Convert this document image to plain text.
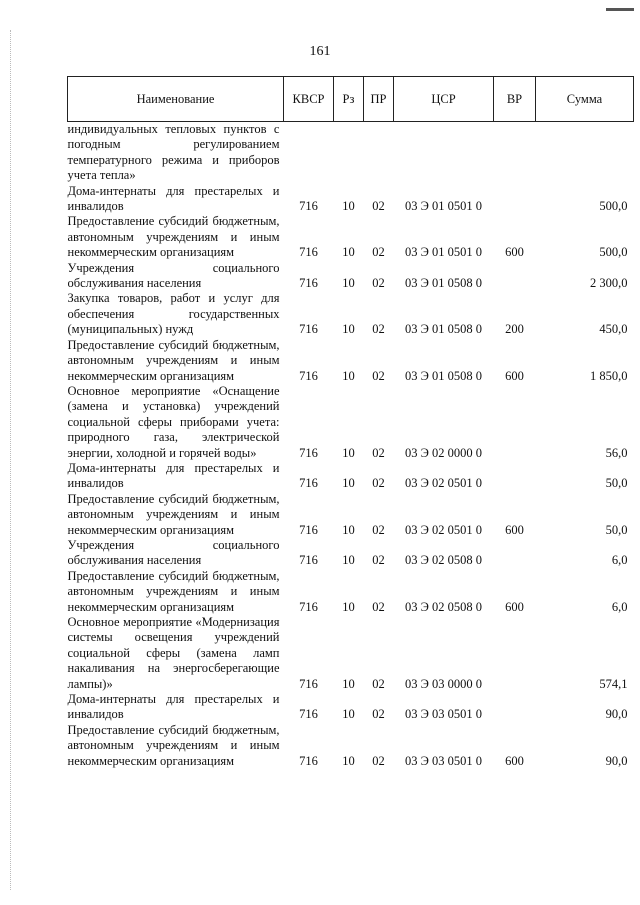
161
Наименование	КВСР	Рз	ПР	ЦСР	ВР	Сумма
индивидуальных тепловых пунктов с погодным регулированием температурного режима и приборов учета тепла»						
Дома-интернаты для престарелых и инвалидов	716	10	02	03 Э 01 0501 0		500,0
Предоставление субсидий бюджетным, автономным учреждениям и иным некоммерческим организациям	716	10	02	03 Э 01 0501 0	600	500,0
Учреждения социального обслуживания населения	716	10	02	03 Э 01 0508 0		2 300,0
Закупка товаров, работ и услуг для обеспечения государственных (муниципальных) нужд	716	10	02	03 Э 01 0508 0	200	450,0
Предоставление субсидий бюджетным, автономным учреждениям и иным некоммерческим организациям	716	10	02	03 Э 01 0508 0	600	1 850,0
Основное мероприятие «Оснащение (замена и установка) учреждений социальной сферы приборами учета: природного газа, электрической энергии, холодной и горячей воды»	716	10	02	03 Э 02 0000 0		56,0
Дома-интернаты для престарелых и инвалидов	716	10	02	03 Э 02 0501 0		50,0
Предоставление субсидий бюджетным, автономным учреждениям и иным некоммерческим организациям	716	10	02	03 Э 02 0501 0	600	50,0
Учреждения социального обслуживания населения	716	10	02	03 Э 02 0508 0		6,0
Предоставление субсидий бюджетным, автономным учреждениям и иным некоммерческим организациям	716	10	02	03 Э 02 0508 0	600	6,0
Основное мероприятие «Модернизация системы освещения учреждений социальной сферы (замена ламп накаливания на энергосберегающие лампы)»	716	10	02	03 Э 03 0000 0		574,1
Дома-интернаты для престарелых и инвалидов	716	10	02	03 Э 03 0501 0		90,0
Предоставление субсидий бюджетным, автономным учреждениям и иным некоммерческим организациям	716	10	02	03 Э 03 0501 0	600	90,0
